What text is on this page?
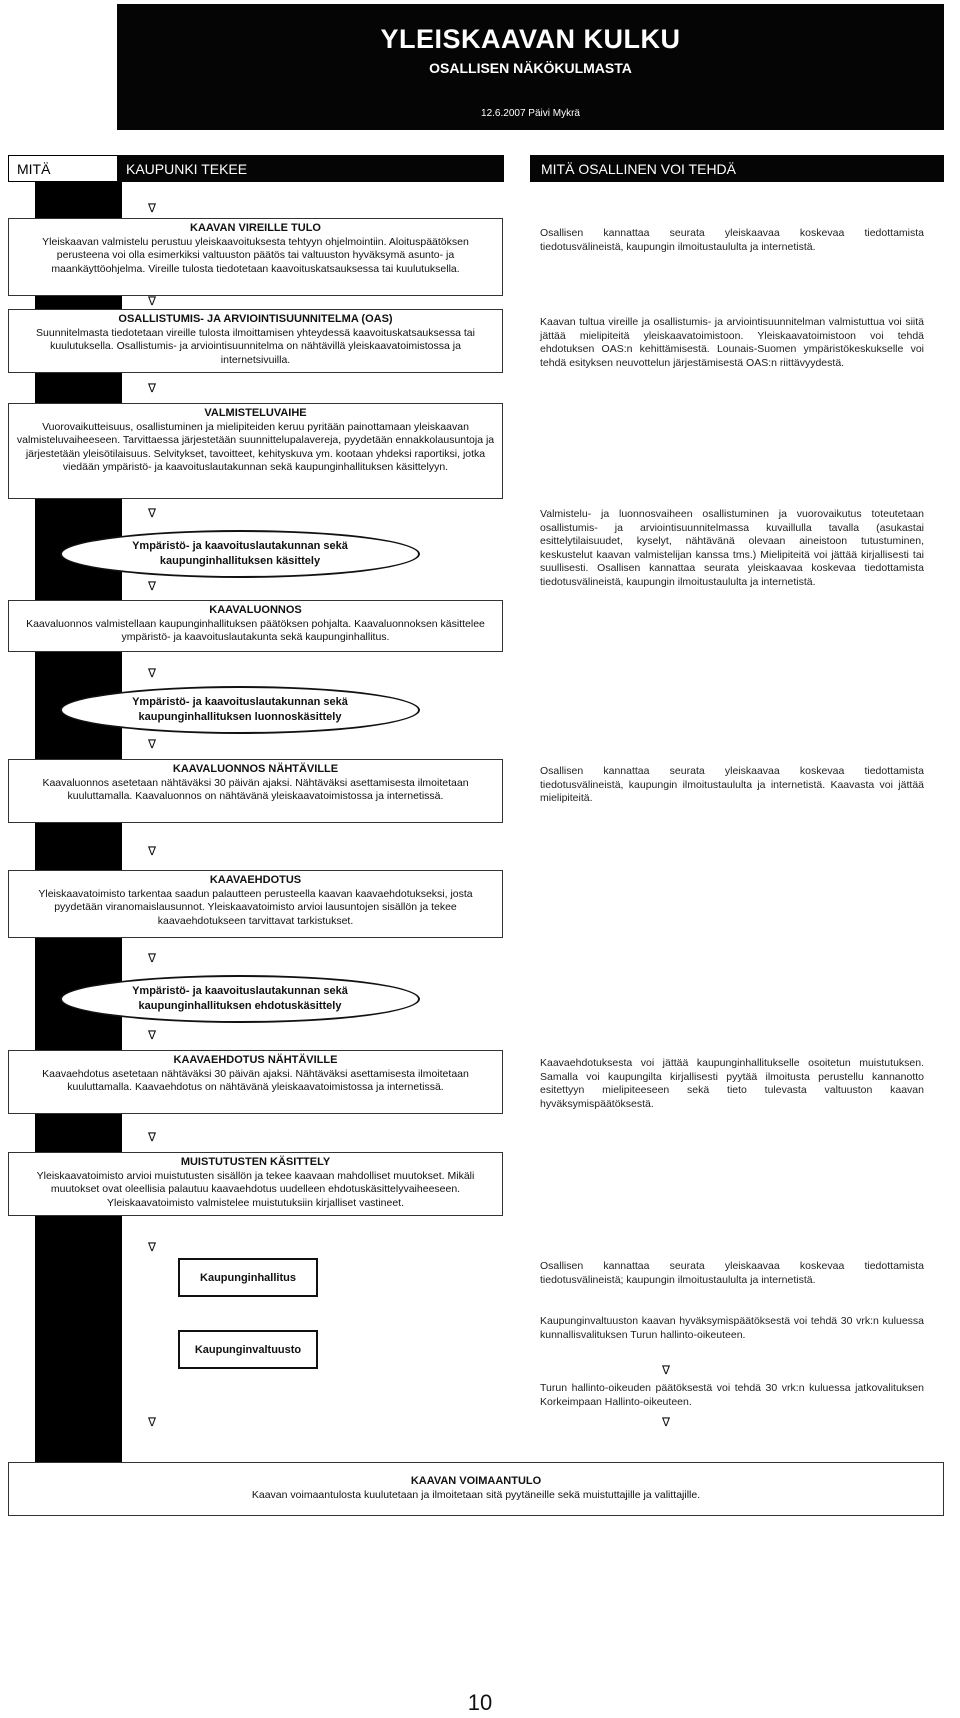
YLEISKAAVAN KULKU
OSALLISEN NÄKÖKULMASTA
12.6.2007 Päivi Mykrä
MITÄ	KAUPUNKI TEKEE	MITÄ OSALLINEN VOI TEHDÄ
∇
KAAVAN VIREILLE TULO
Yleiskaavan valmistelu perustuu yleiskaavoituksesta tehtyyn ohjelmointiin. Aloituspäätöksen perusteena voi olla esimerkiksi valtuuston päätös tai valtuuston hyväksymä asunto- ja maankäyttöohjelma. Vireille tulosta tiedotetaan kaavoituskatsauksessa tai kuulutuksella.
∇
OSALLISTUMIS- JA ARVIOINTISUUNNITELMA (OAS)
Suunnitelmasta tiedotetaan vireille tulosta ilmoittamisen yhteydessä kaavoituskatsauksessa tai kuulutuksella. Osallistumis- ja arviointisuunnitelma on nähtävillä yleiskaavatoimistossa ja internetsivuilla.
∇
VALMISTELUVAIHE
Vuorovaikutteisuus, osallistuminen ja mielipiteiden keruu pyritään painottamaan yleiskaavan valmisteluvaiheeseen. Tarvittaessa järjestetään suunnittelupalavereja, pyydetään ennakkolausuntoja ja järjestetään yleisötilaisuus. Selvitykset, tavoitteet, kehityskuva ym. kootaan yhdeksi raportiksi, jotka viedään ympäristö- ja kaavoituslautakunnan sekä kaupunginhallituksen käsittelyyn.
∇
Ympäristö- ja kaavoituslautakunnan sekä
kaupunginhallituksen käsittely
∇
KAAVALUONNOS
Kaavaluonnos valmistellaan kaupunginhallituksen päätöksen pohjalta. Kaavaluonnoksen käsittelee ympäristö- ja kaavoituslautakunta sekä kaupunginhallitus.
∇
Ympäristö- ja kaavoituslautakunnan sekä
kaupunginhallituksen luonnoskäsittely
∇
KAAVALUONNOS NÄHTÄVILLE
Kaavaluonnos asetetaan nähtäväksi 30 päivän ajaksi. Nähtäväksi asettamisesta ilmoitetaan kuuluttamalla. Kaavaluonnos on nähtävänä yleiskaavatoimistossa ja internetissä.
∇
KAAVAEHDOTUS
Yleiskaavatoimisto tarkentaa saadun palautteen perusteella kaavan kaavaehdotukseksi, josta pyydetään viranomaislausunnot. Yleiskaavatoimisto arvioi lausuntojen sisällön ja tekee kaavaehdotukseen tarvittavat tarkistukset.
∇
Ympäristö- ja kaavoituslautakunnan sekä
kaupunginhallituksen ehdotuskäsittely
∇
KAAVAEHDOTUS NÄHTÄVILLE
Kaavaehdotus asetetaan nähtäväksi 30 päivän ajaksi. Nähtäväksi asettamisesta ilmoitetaan kuuluttamalla. Kaavaehdotus on nähtävänä yleiskaavatoimistossa ja internetissä.
∇
MUISTUTUSTEN KÄSITTELY
Yleiskaavatoimisto arvioi muistutusten sisällön ja tekee kaavaan mahdolliset muutokset. Mikäli muutokset ovat oleellisia palautuu kaavaehdotus uudelleen ehdotuskäsittelyvaiheeseen. Yleiskaavatoimisto valmistelee muistutuksiin kirjalliset vastineet.
∇
Kaupunginhallitus
Kaupunginvaltuusto
∇	∇
KAAVAN VOIMAANTULO
Kaavan voimaantulosta kuulutetaan ja ilmoitetaan sitä pyytäneille sekä muistuttajille ja valittajille.
Osallisen kannattaa seurata yleiskaavaa koskevaa tiedottamista tiedotusvälineistä, kaupungin ilmoitustaululta ja internetistä.
Kaavan tultua vireille ja osallistumis- ja arviointisuunnitelman valmistuttua voi siitä jättää mielipiteitä yleiskaavatoimistoon. Yleiskaavatoimistoon voi tehdä ehdotuksen OAS:n kehittämisestä. Lounais-Suomen ympäristökeskukselle voi tehdä esityksen neuvottelun järjestämisestä OAS:n riittävyydestä.
Valmistelu- ja luonnosvaiheen osallistuminen ja vuorovaikutus toteutetaan osallistumis- ja arviointisuunnitelmassa kuvaillulla tavalla (asukastai esittelytilaisuudet, kyselyt, nähtävänä olevaan aineistoon tutustuminen, keskustelut kaavan valmistelijan kanssa tms.) Mielipiteitä voi jättää kirjallisesti tai suullisesti. Osallisen kannattaa seurata yleiskaavaa koskevaa tiedottamista tiedotusvälineistä, kaupungin ilmoitustaululta ja internetistä.
Osallisen kannattaa seurata yleiskaavaa koskevaa tiedottamista tiedotusvälineistä, kaupungin ilmoitustaululta ja internetistä. Kaavasta voi jättää mielipiteitä.
Kaavaehdotuksesta voi jättää kaupunginhallitukselle osoitetun muistutuksen. Samalla voi kaupungilta kirjallisesti pyytää ilmoitusta perustellu kannanotto esitettyyn mielipiteeseen sekä tieto tulevasta valtuuston kaavan hyväksymispäätöksestä.
Osallisen kannattaa seurata yleiskaavaa koskevaa tiedottamista tiedotusvälineistä; kaupungin ilmoitustaululta ja internetistä.
Kaupunginvaltuuston kaavan hyväksymispäätöksestä voi tehdä 30 vrk:n kuluessa kunnallisvalituksen Turun hallinto-oikeuteen.
∇
Turun hallinto-oikeuden päätöksestä voi tehdä 30 vrk:n kuluessa jatkovalituksen Korkeimpaan Hallinto-oikeuteen.
10
